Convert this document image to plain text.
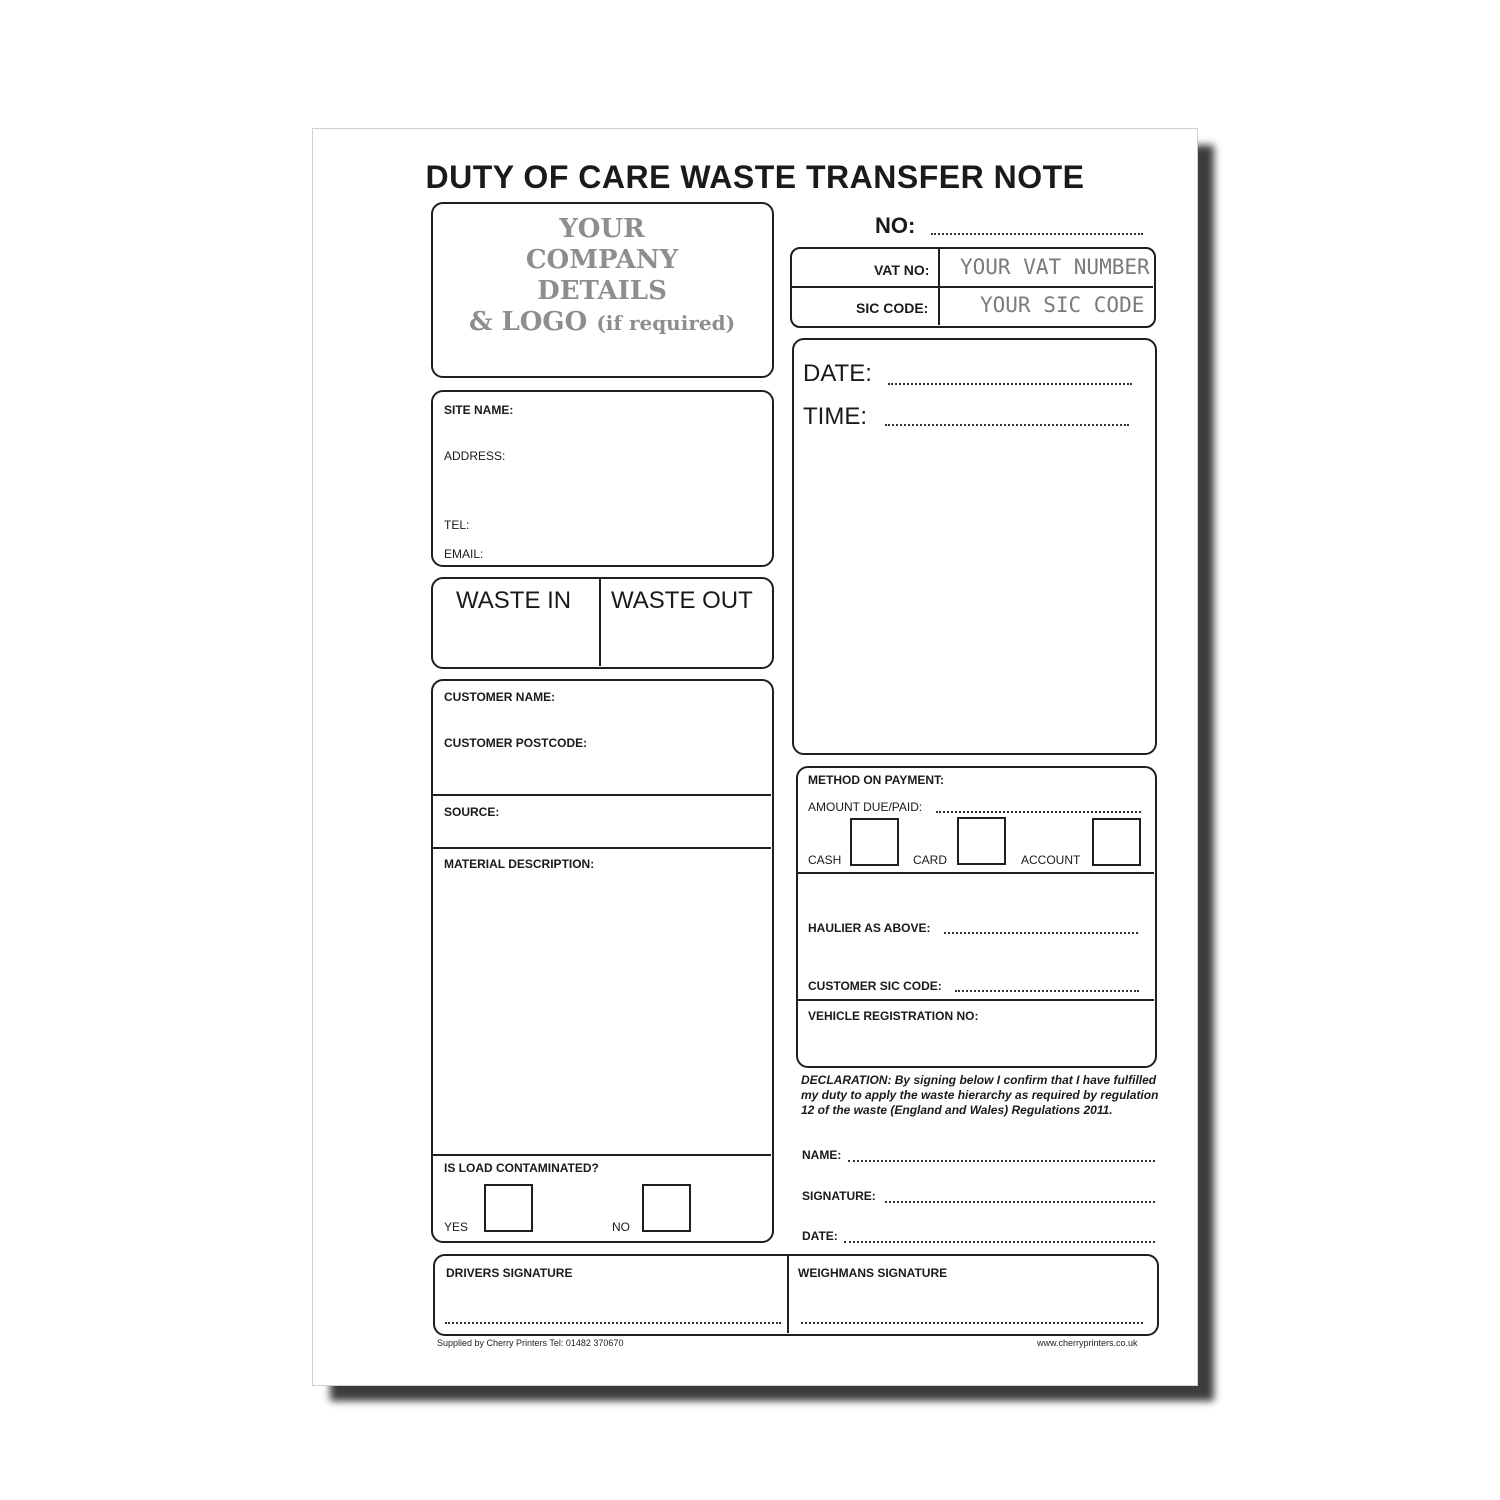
DUTY OF CARE WASTE TRANSFER NOTE
NO:
YOUR
COMPANY
DETAILS
& LOGO (if required)
VAT NO: YOUR VAT NUMBER
SIC CODE: YOUR SIC CODE
SITE NAME:
ADDRESS:
TEL:
EMAIL:
DATE:
TIME:
WASTE IN WASTE OUT
CUSTOMER NAME:
CUSTOMER POSTCODE:
SOURCE:
MATERIAL DESCRIPTION:
IS LOAD CONTAMINATED?
YES	NO
METHOD ON PAYMENT:
AMOUNT DUE/PAID:
CASH	CARD	ACCOUNT
HAULIER AS ABOVE:
CUSTOMER SIC CODE:
VEHICLE REGISTRATION NO:
DECLARATION: By signing below I confirm that I have fulfilled my duty to apply the waste hierarchy as required by regulation 12 of the waste (England and Wales) Regulations 2011.
NAME:
SIGNATURE:
DATE:
DRIVERS SIGNATURE	WEIGHMANS SIGNATURE
Supplied by Cherry Printers Tel: 01482 370670	www.cherryprinters.co.uk
